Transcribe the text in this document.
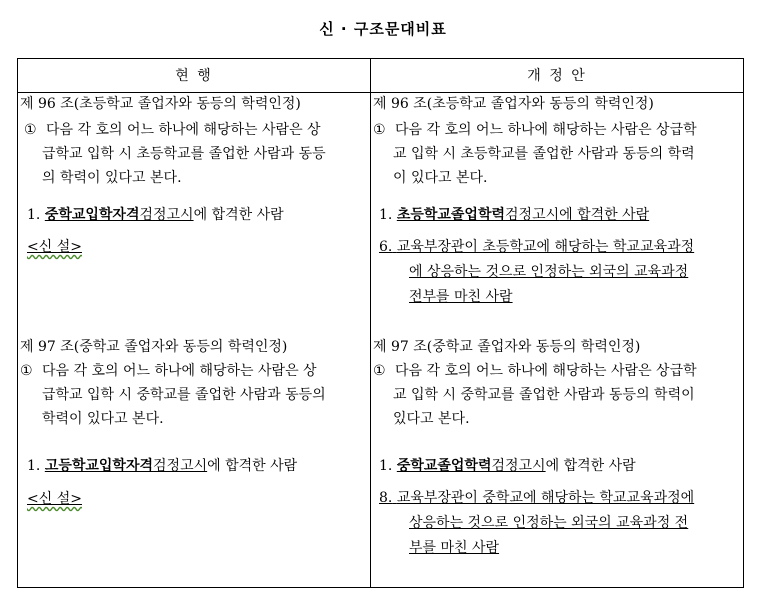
신 · 구조문대비표
현 행	개 정 안
제 96 조(초등학교 졸업자와 동등의 학력인정)
① 다음 각 호의 어느 하나에 해당하는 사람은 상
급학교 입학 시 초등학교를 졸업한 사람과 동등
의 학력이 있다고 본다.
1. 중학교입학자격검정고시에 합격한 사람
<신 설>
제 97 조(중학교 졸업자와 동등의 학력인정)
① 다음 각 호의 어느 하나에 해당하는 사람은 상
급학교 입학 시 중학교를 졸업한 사람과 동등의
학력이 있다고 본다.
1. 고등학교입학자격검정고시에 합격한 사람
<신 설>
제 96 조(초등학교 졸업자와 동등의 학력인정)
① 다음 각 호의 어느 하나에 해당하는 사람은 상급학
교 입학 시 초등학교를 졸업한 사람과 동등의 학력
이 있다고 본다.
1. 초등학교졸업학력검정고시에 합격한 사람
6. 교육부장관이 초등학교에 해당하는 학교교육과정
에 상응하는 것으로 인정하는 외국의 교육과정
전부를 마친 사람
제 97 조(중학교 졸업자와 동등의 학력인정)
① 다음 각 호의 어느 하나에 해당하는 사람은 상급학
교 입학 시 중학교를 졸업한 사람과 동등의 학력이
있다고 본다.
1. 중학교졸업학력검정고시에 합격한 사람
8. 교육부장관이 중학교에 해당하는 학교교육과정에
상응하는 것으로 인정하는 외국의 교육과정 전
부를 마친 사람
